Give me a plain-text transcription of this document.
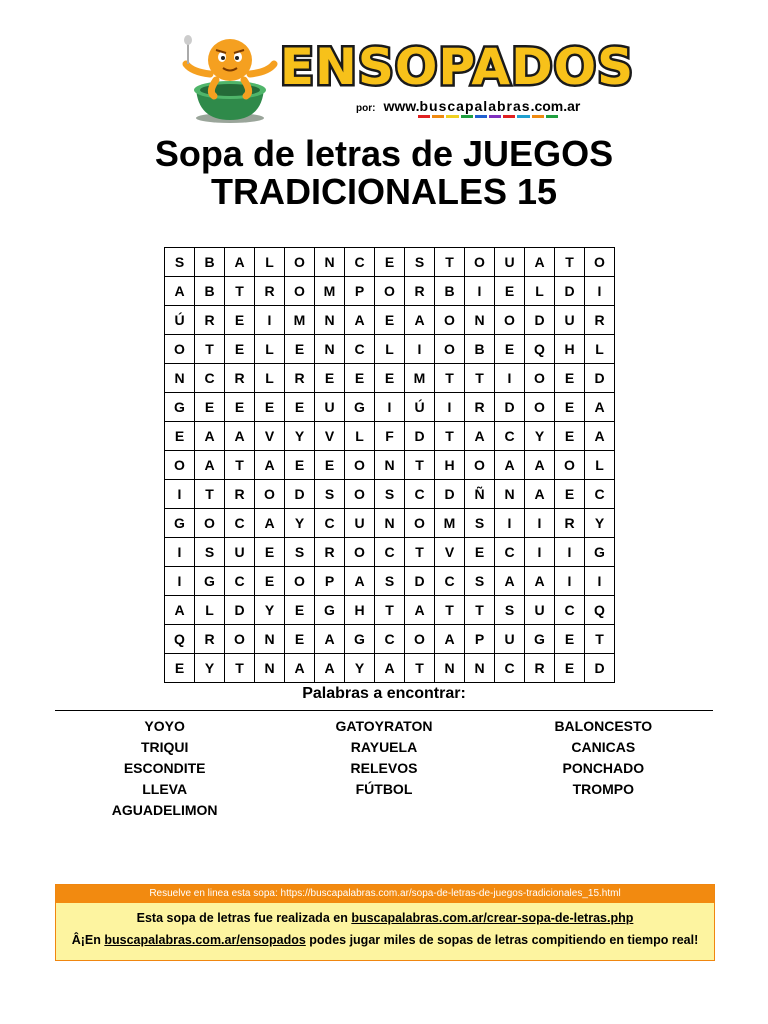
ENSOPADOS
por: www.buscapalabras.com.ar
Sopa de letras de JUEGOS
TRADICIONALES 15
S	B	A	L	O	N	C	E	S	T	O	U	A	T	O
A	B	T	R	O	M	P	O	R	B	I	E	L	D	I
Ú	R	E	I	M	N	A	E	A	O	N	O	D	U	R
O	T	E	L	E	N	C	L	I	O	B	E	Q	H	L
N	C	R	L	R	E	E	E	M	T	T	I	O	E	D
G	E	E	E	E	U	G	I	Ú	I	R	D	O	E	A
E	A	A	V	Y	V	L	F	D	T	A	C	Y	E	A
O	A	T	A	E	E	O	N	T	H	O	A	A	O	L
I	T	R	O	D	S	O	S	C	D	Ñ	N	A	E	C
G	O	C	A	Y	C	U	N	O	M	S	I	I	R	Y
I	S	U	E	S	R	O	C	T	V	E	C	I	I	G
I	G	C	E	O	P	A	S	D	C	S	A	A	I	I
A	L	D	Y	E	G	H	T	A	T	T	S	U	C	Q
Q	R	O	N	E	A	G	C	O	A	P	U	G	E	T
E	Y	T	N	A	A	Y	A	T	N	N	C	R	E	D
Palabras a encontrar:
YOYO
TRIQUI
ESCONDITE
LLEVA
AGUADELIMON
GATOYRATON
RAYUELA
RELEVOS
FÚTBOL
BALONCESTO
CANICAS
PONCHADO
TROMPO
Resuelve en linea esta sopa: https://buscapalabras.com.ar/sopa-de-letras-de-juegos-tradicionales_15.html
Esta sopa de letras fue realizada en buscapalabras.com.ar/crear-sopa-de-letras.php
Â¡En buscapalabras.com.ar/ensopados podes jugar miles de sopas de letras compitiendo en tiempo real!
